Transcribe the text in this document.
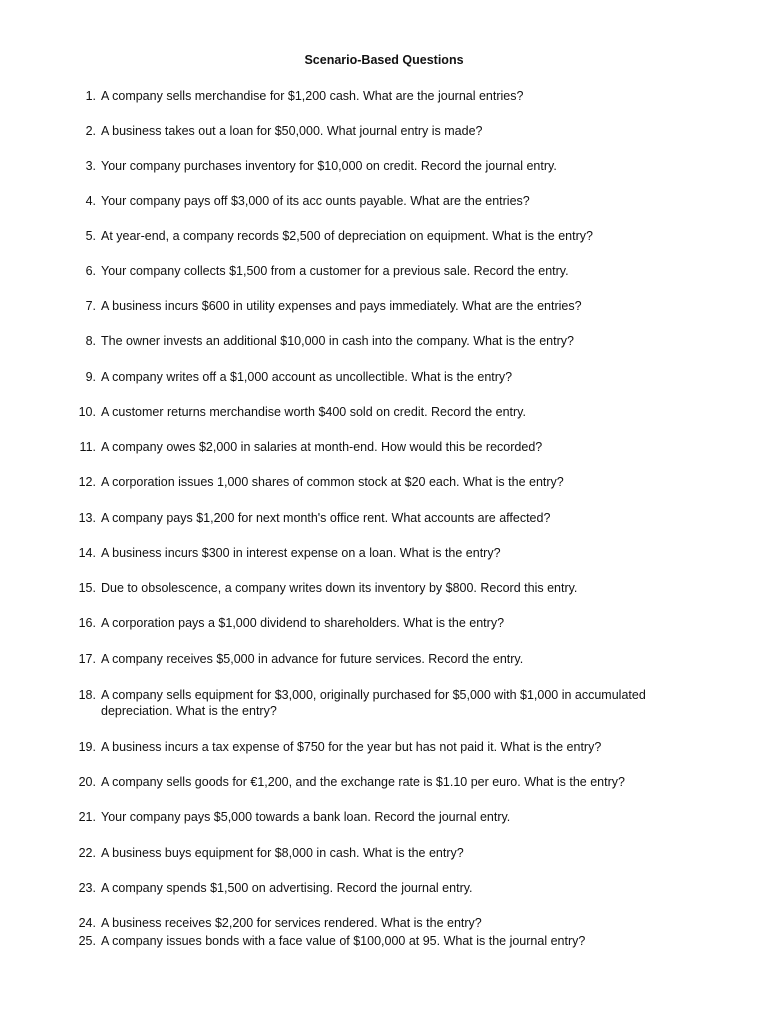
Scenario-Based Questions
1. A company sells merchandise for $1,200 cash. What are the journal entries?
2. A business takes out a loan for $50,000. What journal entry is made?
3. Your company purchases inventory for $10,000 on credit. Record the journal entry.
4. Your company pays off $3,000 of its acc ounts payable. What are the entries?
5. At year-end, a company records $2,500 of depreciation on equipment. What is the entry?
6. Your company collects $1,500 from a customer for a previous sale. Record the entry.
7. A business incurs $600 in utility expenses and pays immediately. What are the entries?
8. The owner invests an additional $10,000 in cash into the company. What is the entry?
9. A company writes off a $1,000 account as uncollectible. What is the entry?
10. A customer returns merchandise worth $400 sold on credit. Record the entry.
11. A company owes $2,000 in salaries at month-end. How would this be recorded?
12. A corporation issues 1,000 shares of common stock at $20 each. What is the entry?
13. A company pays $1,200 for next month's office rent. What accounts are affected?
14. A business incurs $300 in interest expense on a loan. What is the entry?
15. Due to obsolescence, a company writes down its inventory by $800. Record this entry.
16. A corporation pays a $1,000 dividend to shareholders. What is the entry?
17. A company receives $5,000 in advance for future services. Record the entry.
18. A company sells equipment for $3,000, originally purchased for $5,000 with $1,000 in accumulated depreciation. What is the entry?
19. A business incurs a tax expense of $750 for the year but has not paid it. What is the entry?
20. A company sells goods for €1,200, and the exchange rate is $1.10 per euro. What is the entry?
21. Your company pays $5,000 towards a bank loan. Record the journal entry.
22. A business buys equipment for $8,000 in cash. What is the entry?
23. A company spends $1,500 on advertising. Record the journal entry.
24. A business receives $2,200 for services rendered. What is the entry?
25. A company issues bonds with a face value of $100,000 at 95. What is the journal entry?
